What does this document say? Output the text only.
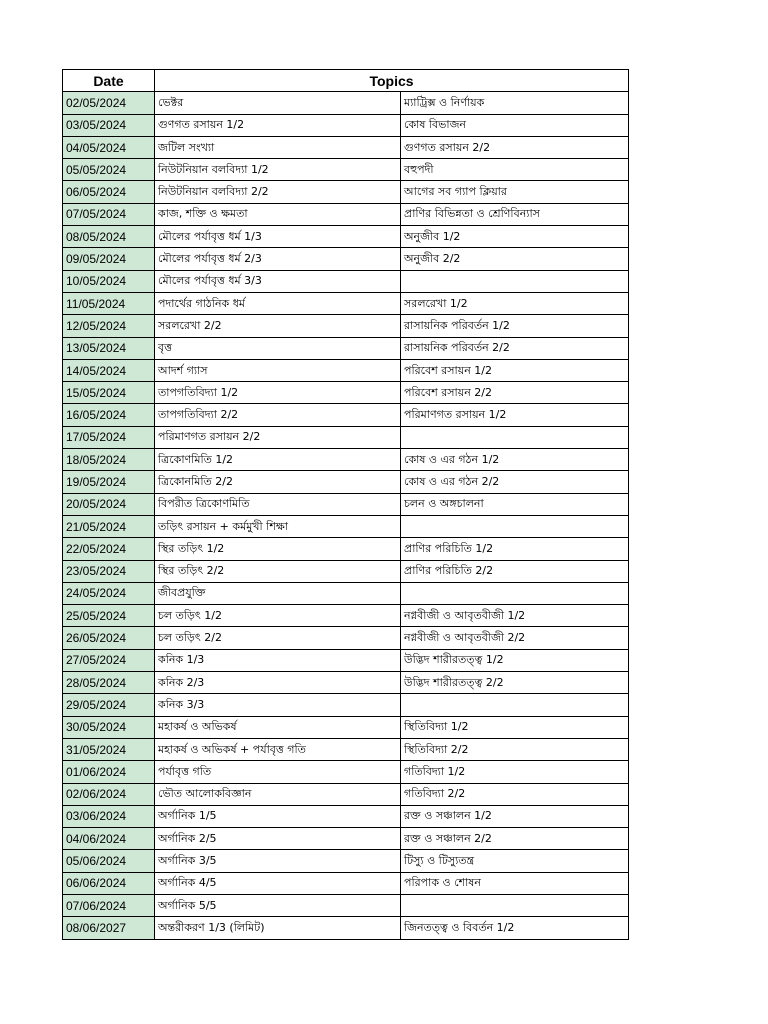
Date	Topics	
02/05/2024	ভেক্টর	ম্যাট্রিক্স ও নির্ণায়ক
03/05/2024	গুণগত রসায়ন 1/2	কোষ বিভাজন
04/05/2024	জটিল সংখ্যা	গুণগত রসায়ন 2/2
05/05/2024	নিউটনিয়ান বলবিদ্যা 1/2	বহুপদী
06/05/2024	নিউটনিয়ান বলবিদ্যা 2/2	আগের সব গ্যাপ ক্লিয়ার
07/05/2024	কাজ, শক্তি ও ক্ষমতা	প্রাণির বিভিন্নতা ও শ্রেণিবিন্যাস
08/05/2024	মৌলের পর্যাবৃত্ত ধর্ম 1/3	অনুজীব 1/2
09/05/2024	মৌলের পর্যাবৃত্ত ধর্ম 2/3	অনুজীব 2/2
10/05/2024	মৌলের পর্যাবৃত্ত ধর্ম 3/3	
11/05/2024	পদার্থের গাঠনিক ধর্ম	সরলরেখা 1/2
12/05/2024	সরলরেখা 2/2	রাসায়নিক পরিবর্তন 1/2
13/05/2024	বৃত্ত	রাসায়নিক পরিবর্তন 2/2
14/05/2024	আদর্শ গ্যাস	পরিবেশ রসায়ন 1/2
15/05/2024	তাপগতিবিদ্যা 1/2	পরিবেশ রসায়ন 2/2
16/05/2024	তাপগতিবিদ্যা 2/2	পরিমাণগত রসায়ন 1/2
17/05/2024	পরিমাণগত রসায়ন 2/2	
18/05/2024	ত্রিকোণমিতি 1/2	কোষ ও এর গঠন 1/2
19/05/2024	ত্রিকোনমিতি 2/2	কোষ ও এর গঠন 2/2
20/05/2024	বিপরীত ত্রিকোণমিতি	চলন ও অঙ্গচালনা
21/05/2024	তড়িৎ রসায়ন + কর্মমুখী শিক্ষা	
22/05/2024	স্থির তড়িৎ 1/2	প্রাণির পরিচিতি 1/2
23/05/2024	স্থির তড়িৎ 2/2	প্রাণির পরিচিতি 2/2
24/05/2024	জীবপ্রযুক্তি	
25/05/2024	চল তড়িৎ 1/2	নগ্নবীজী ও আবৃতবীজী 1/2
26/05/2024	চল তড়িৎ 2/2	নগ্নবীজী ও আবৃতবীজী 2/2
27/05/2024	কনিক 1/3	উদ্ভিদ শারীরতত্ত্ব 1/2
28/05/2024	কনিক 2/3	উদ্ভিদ শারীরতত্ত্ব 2/2
29/05/2024	কনিক 3/3	
30/05/2024	মহাকর্ষ ও অভিকর্ষ	স্থিতিবিদ্যা 1/2
31/05/2024	মহাকর্ষ ও অভিকর্ষ + পর্যাবৃত্ত গতি	স্থিতিবিদ্যা 2/2
01/06/2024	পর্যাবৃত্ত গতি	গতিবিদ্যা 1/2
02/06/2024	ভৌত আলোকবিজ্ঞান	গতিবিদ্যা 2/2
03/06/2024	অর্গানিক 1/5	রক্ত ও সঞ্চালন 1/2
04/06/2024	অর্গানিক 2/5	রক্ত ও সঞ্চালন 2/2
05/06/2024	অর্গানিক 3/5	টিস্যু ও টিস্যুতন্ত্র
06/06/2024	অর্গানিক 4/5	পরিপাক ও শোষন
07/06/2024	অর্গানিক 5/5	
08/06/2027	অন্তরীকরণ 1/3 (লিমিট)	জিনতত্ত্ব ও বিবর্তন 1/2
